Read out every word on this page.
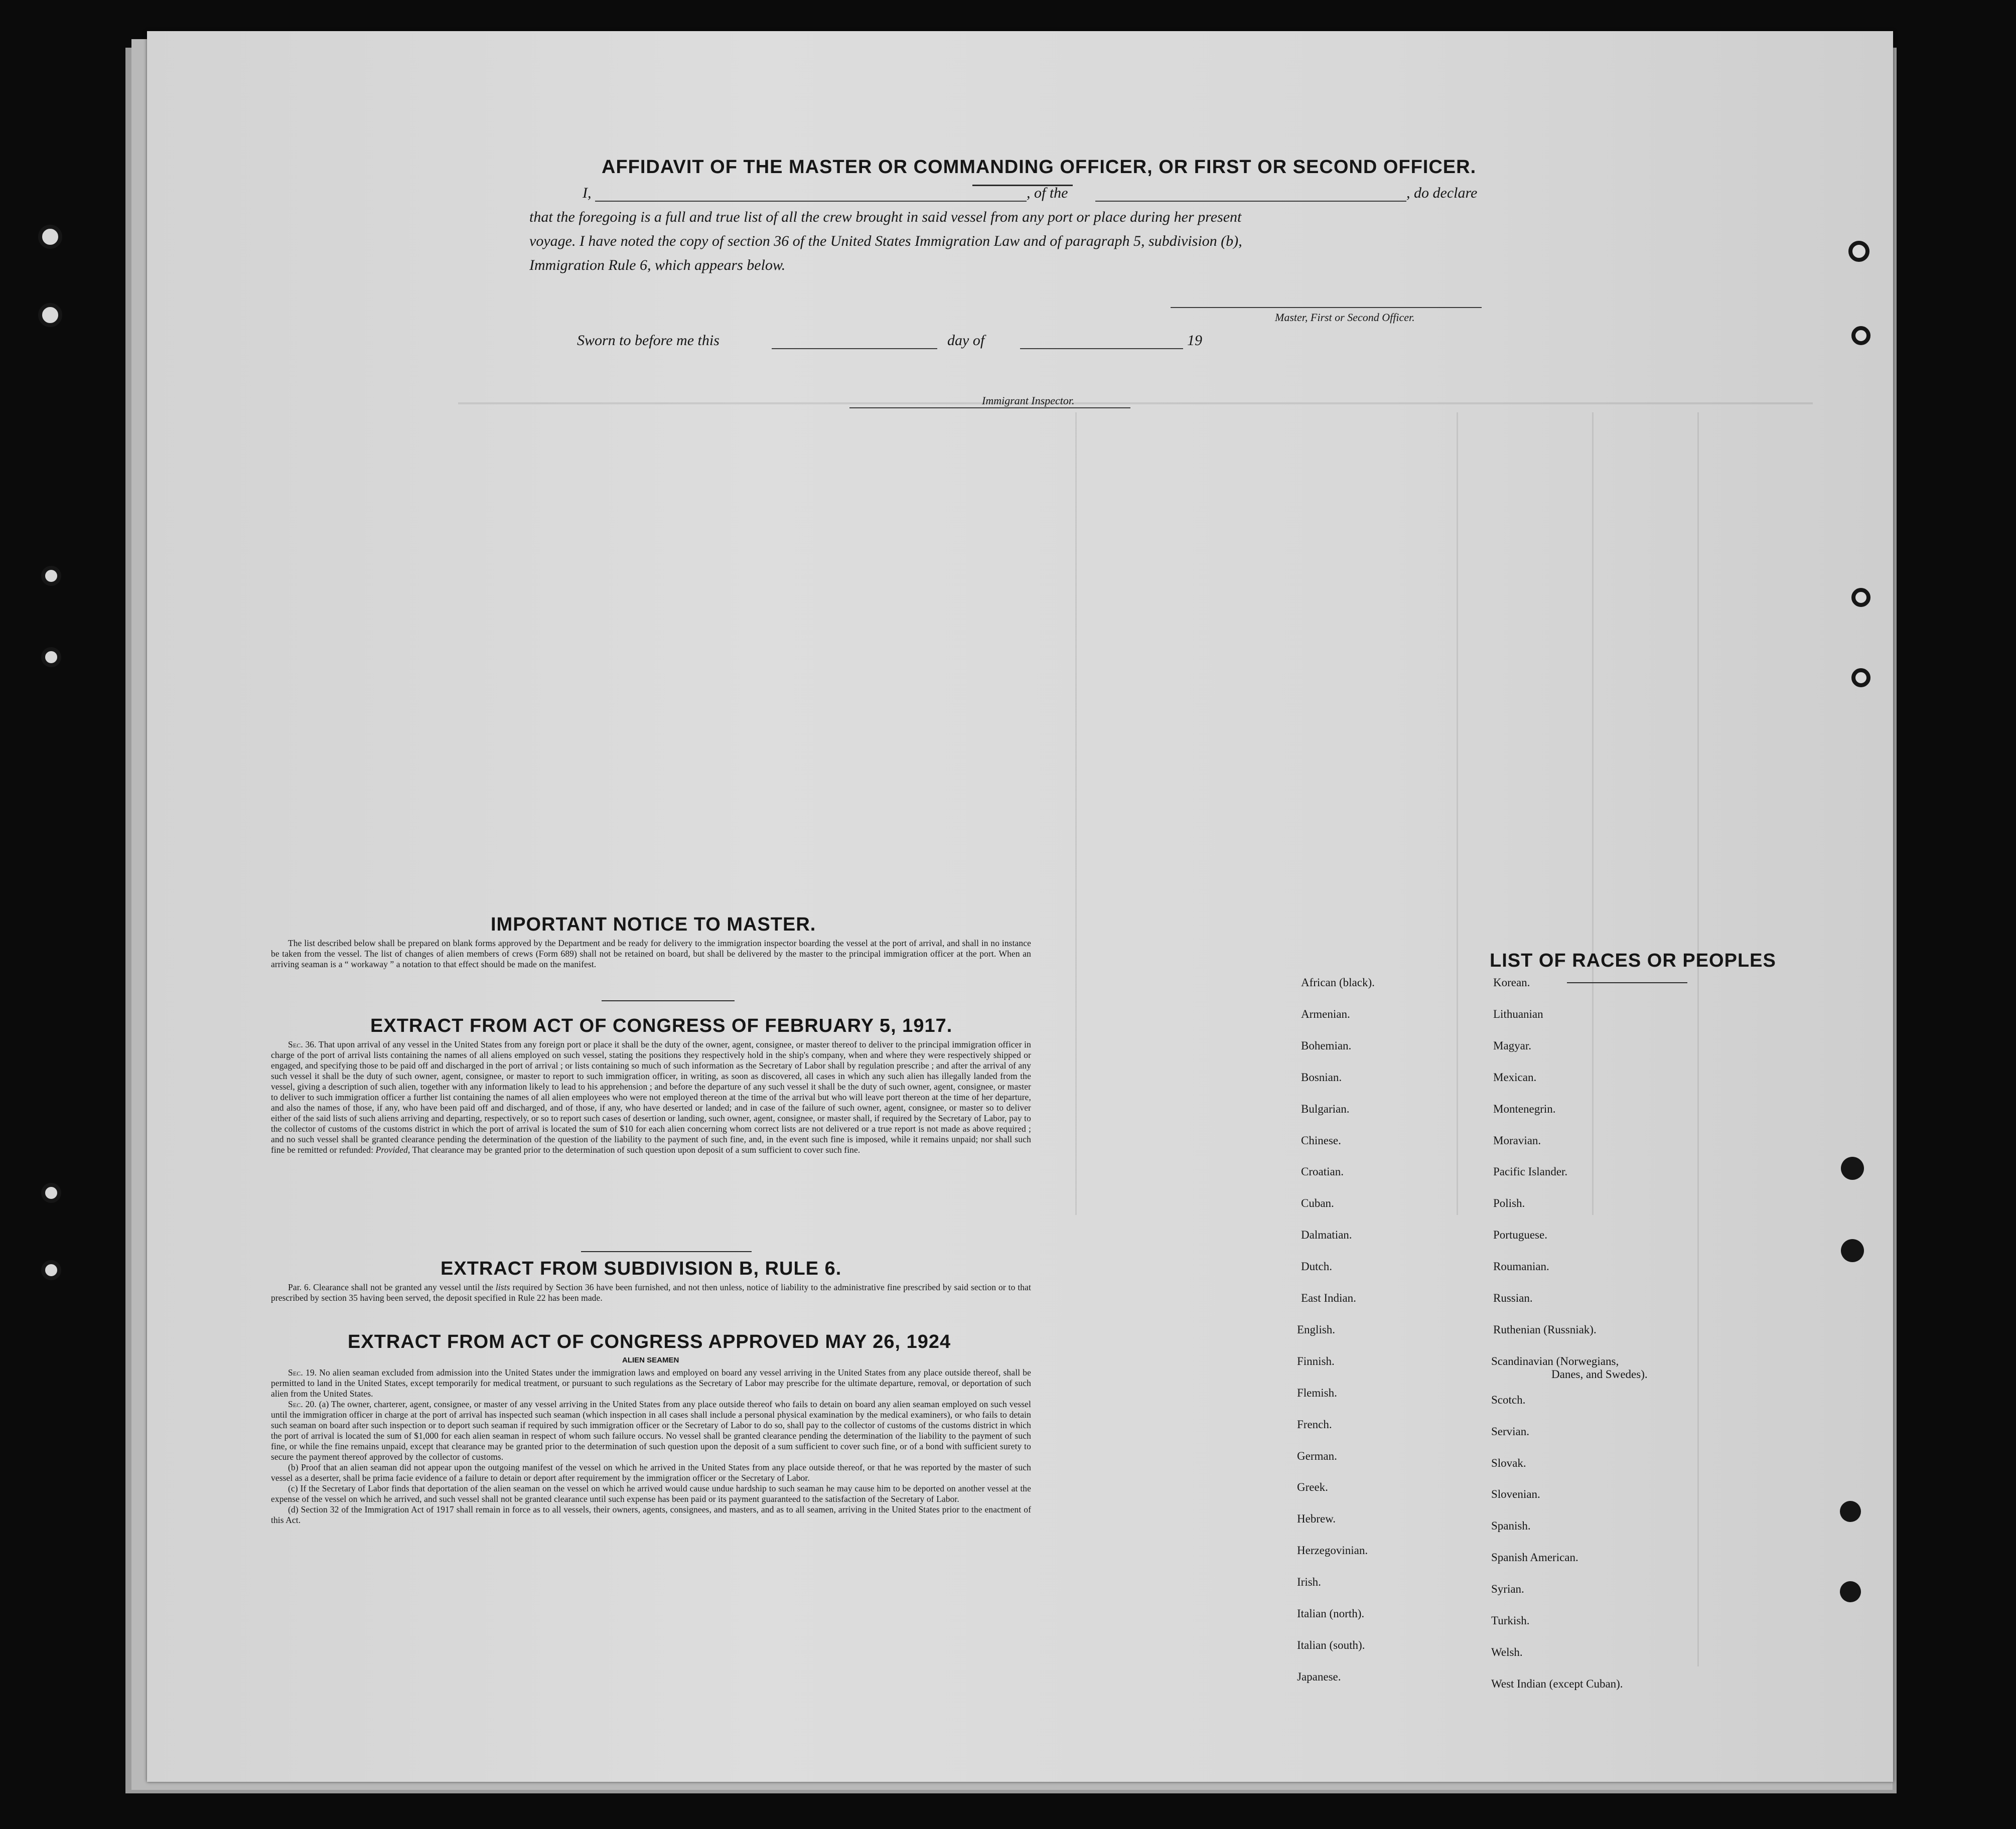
AFFIDAVIT OF THE MASTER OR COMMANDING OFFICER, OR FIRST OR SECOND OFFICER.
I,	, of the	, do declare
that the foregoing is a full and true list of all the crew brought in said vessel from any port or place during her present
voyage. I have noted the copy of section 36 of the United States Immigration Law and of paragraph 5, subdivision (b),
Immigration Rule 6, which appears below.
Master, First or Second Officer.
Sworn to before me this	day of	19
Immigrant Inspector.
IMPORTANT NOTICE TO MASTER.

The list described below shall be prepared on blank forms approved by the Department and be ready for delivery to the immigration inspector boarding the vessel at the port of arrival, and shall in no instance be taken from the vessel. The list of changes of alien members of crews (Form 689) shall not be retained on board, but shall be delivered by the master to the principal immigration officer at the port. When an arriving seaman is a “ workaway ” a notation to that effect should be made on the manifest.

EXTRACT FROM ACT OF CONGRESS OF FEBRUARY 5, 1917.

Sec. 36. That upon arrival of any vessel in the United States from any foreign port or place it shall be the duty of the owner, agent, consignee, or master thereof to deliver to the principal immigration officer in charge of the port of arrival lists containing the names of all aliens employed on such vessel, stating the positions they respectively hold in the ship's company, when and where they were respectively shipped or engaged, and specifying those to be paid off and discharged in the port of arrival ; or lists containing so much of such information as the Secretary of Labor shall by regulation prescribe ; and after the arrival of any such vessel it shall be the duty of such owner, agent, consignee, or master to report to such immigration officer, in writing, as soon as discovered, all cases in which any such alien has illegally landed from the vessel, giving a description of such alien, together with any information likely to lead to his apprehension ; and before the departure of any such vessel it shall be the duty of such owner, agent, consignee, or master to deliver to such immigration officer a further list containing the names of all alien employees who were not employed thereon at the time of the arrival but who will leave port thereon at the time of her departure, and also the names of those, if any, who have been paid off and discharged, and of those, if any, who have deserted or landed; and in case of the failure of such owner, agent, consignee, or master so to deliver either of the said lists of such aliens arriving and departing, respectively, or so to report such cases of desertion or landing, such owner, agent, consignee, or master shall, if required by the Secretary of Labor, pay to the collector of customs of the customs district in which the port of arrival is located the sum of $10 for each alien concerning whom correct lists are not delivered or a true report is not made as above required ; and no such vessel shall be granted clearance pending the determination of the question of the liability to the payment of such fine, and, in the event such fine is imposed, while it remains unpaid; nor shall such fine be remitted or refunded: Provided, That clearance may be granted prior to the determination of such question upon deposit of a sum sufficient to cover such fine.

EXTRACT FROM SUBDIVISION B, RULE 6.

Par. 6. Clearance shall not be granted any vessel until the lists required by Section 36 have been furnished, and not then unless, notice of liability to the administrative fine prescribed by said section or to that prescribed by section 35 having been served, the deposit specified in Rule 22 has been made.

EXTRACT FROM ACT OF CONGRESS APPROVED MAY 26, 1924
ALIEN SEAMEN

Sec. 19. No alien seaman excluded from admission into the United States under the immigration laws and employed on board any vessel arriving in the United States from any place outside thereof, shall be permitted to land in the United States, except temporarily for medical treatment, or pursuant to such regulations as the Secretary of Labor may prescribe for the ultimate departure, removal, or deportation of such alien from the United States.

Sec. 20. (a) The owner, charterer, agent, consignee, or master of any vessel arriving in the United States from any place outside thereof who fails to detain on board any alien seaman employed on such vessel until the immigration officer in charge at the port of arrival has inspected such seaman (which inspection in all cases shall include a personal physical examination by the medical examiners), or who fails to detain such seaman on board after such inspection or to deport such seaman if required by such immigration officer or the Secretary of Labor to do so, shall pay to the collector of customs of the customs district in which the port of arrival is located the sum of $1,000 for each alien seaman in respect of whom such failure occurs. No vessel shall be granted clearance pending the determination of the liability to the payment of such fine, or while the fine remains unpaid, except that clearance may be granted prior to the determination of such question upon the deposit of a sum sufficient to cover such fine, or of a bond with sufficient surety to secure the payment thereof approved by the collector of customs.

(b) Proof that an alien seaman did not appear upon the outgoing manifest of the vessel on which he arrived in the United States from any place outside thereof, or that he was reported by the master of such vessel as a deserter, shall be prima facie evidence of a failure to detain or deport after requirement by the immigration officer or the Secretary of Labor.

(c) If the Secretary of Labor finds that deportation of the alien seaman on the vessel on which he arrived would cause undue hardship to such seaman he may cause him to be deported on another vessel at the expense of the vessel on which he arrived, and such vessel shall not be granted clearance until such expense has been paid or its payment guaranteed to the satisfaction of the Secretary of Labor.

(d) Section 32 of the Immigration Act of 1917 shall remain in force as to all vessels, their owners, agents, consignees, and masters, and as to all seamen, arriving in the United States prior to the enactment of this Act.

LIST OF RACES OR PEOPLES
African (black).
Armenian.
Bohemian.
Bosnian.
Bulgarian.
Chinese.
Croatian.
Cuban.
Dalmatian.
Dutch.
East Indian.
English.
Finnish.
Flemish.
French.
German.
Greek.
Hebrew.
Herzegovinian.
Irish.
Italian (north).
Italian (south).
Japanese.
Korean.
Lithuanian
Magyar.
Mexican.
Montenegrin.
Moravian.
Pacific Islander.
Polish.
Portuguese.
Roumanian.
Russian.
Ruthenian (Russniak).
Scandinavian (Norwegians,
Danes, and Swedes).
Scotch.
Servian.
Slovak.
Slovenian.
Spanish.
Spanish American.
Syrian.
Turkish.
Welsh.
West Indian (except Cuban).
